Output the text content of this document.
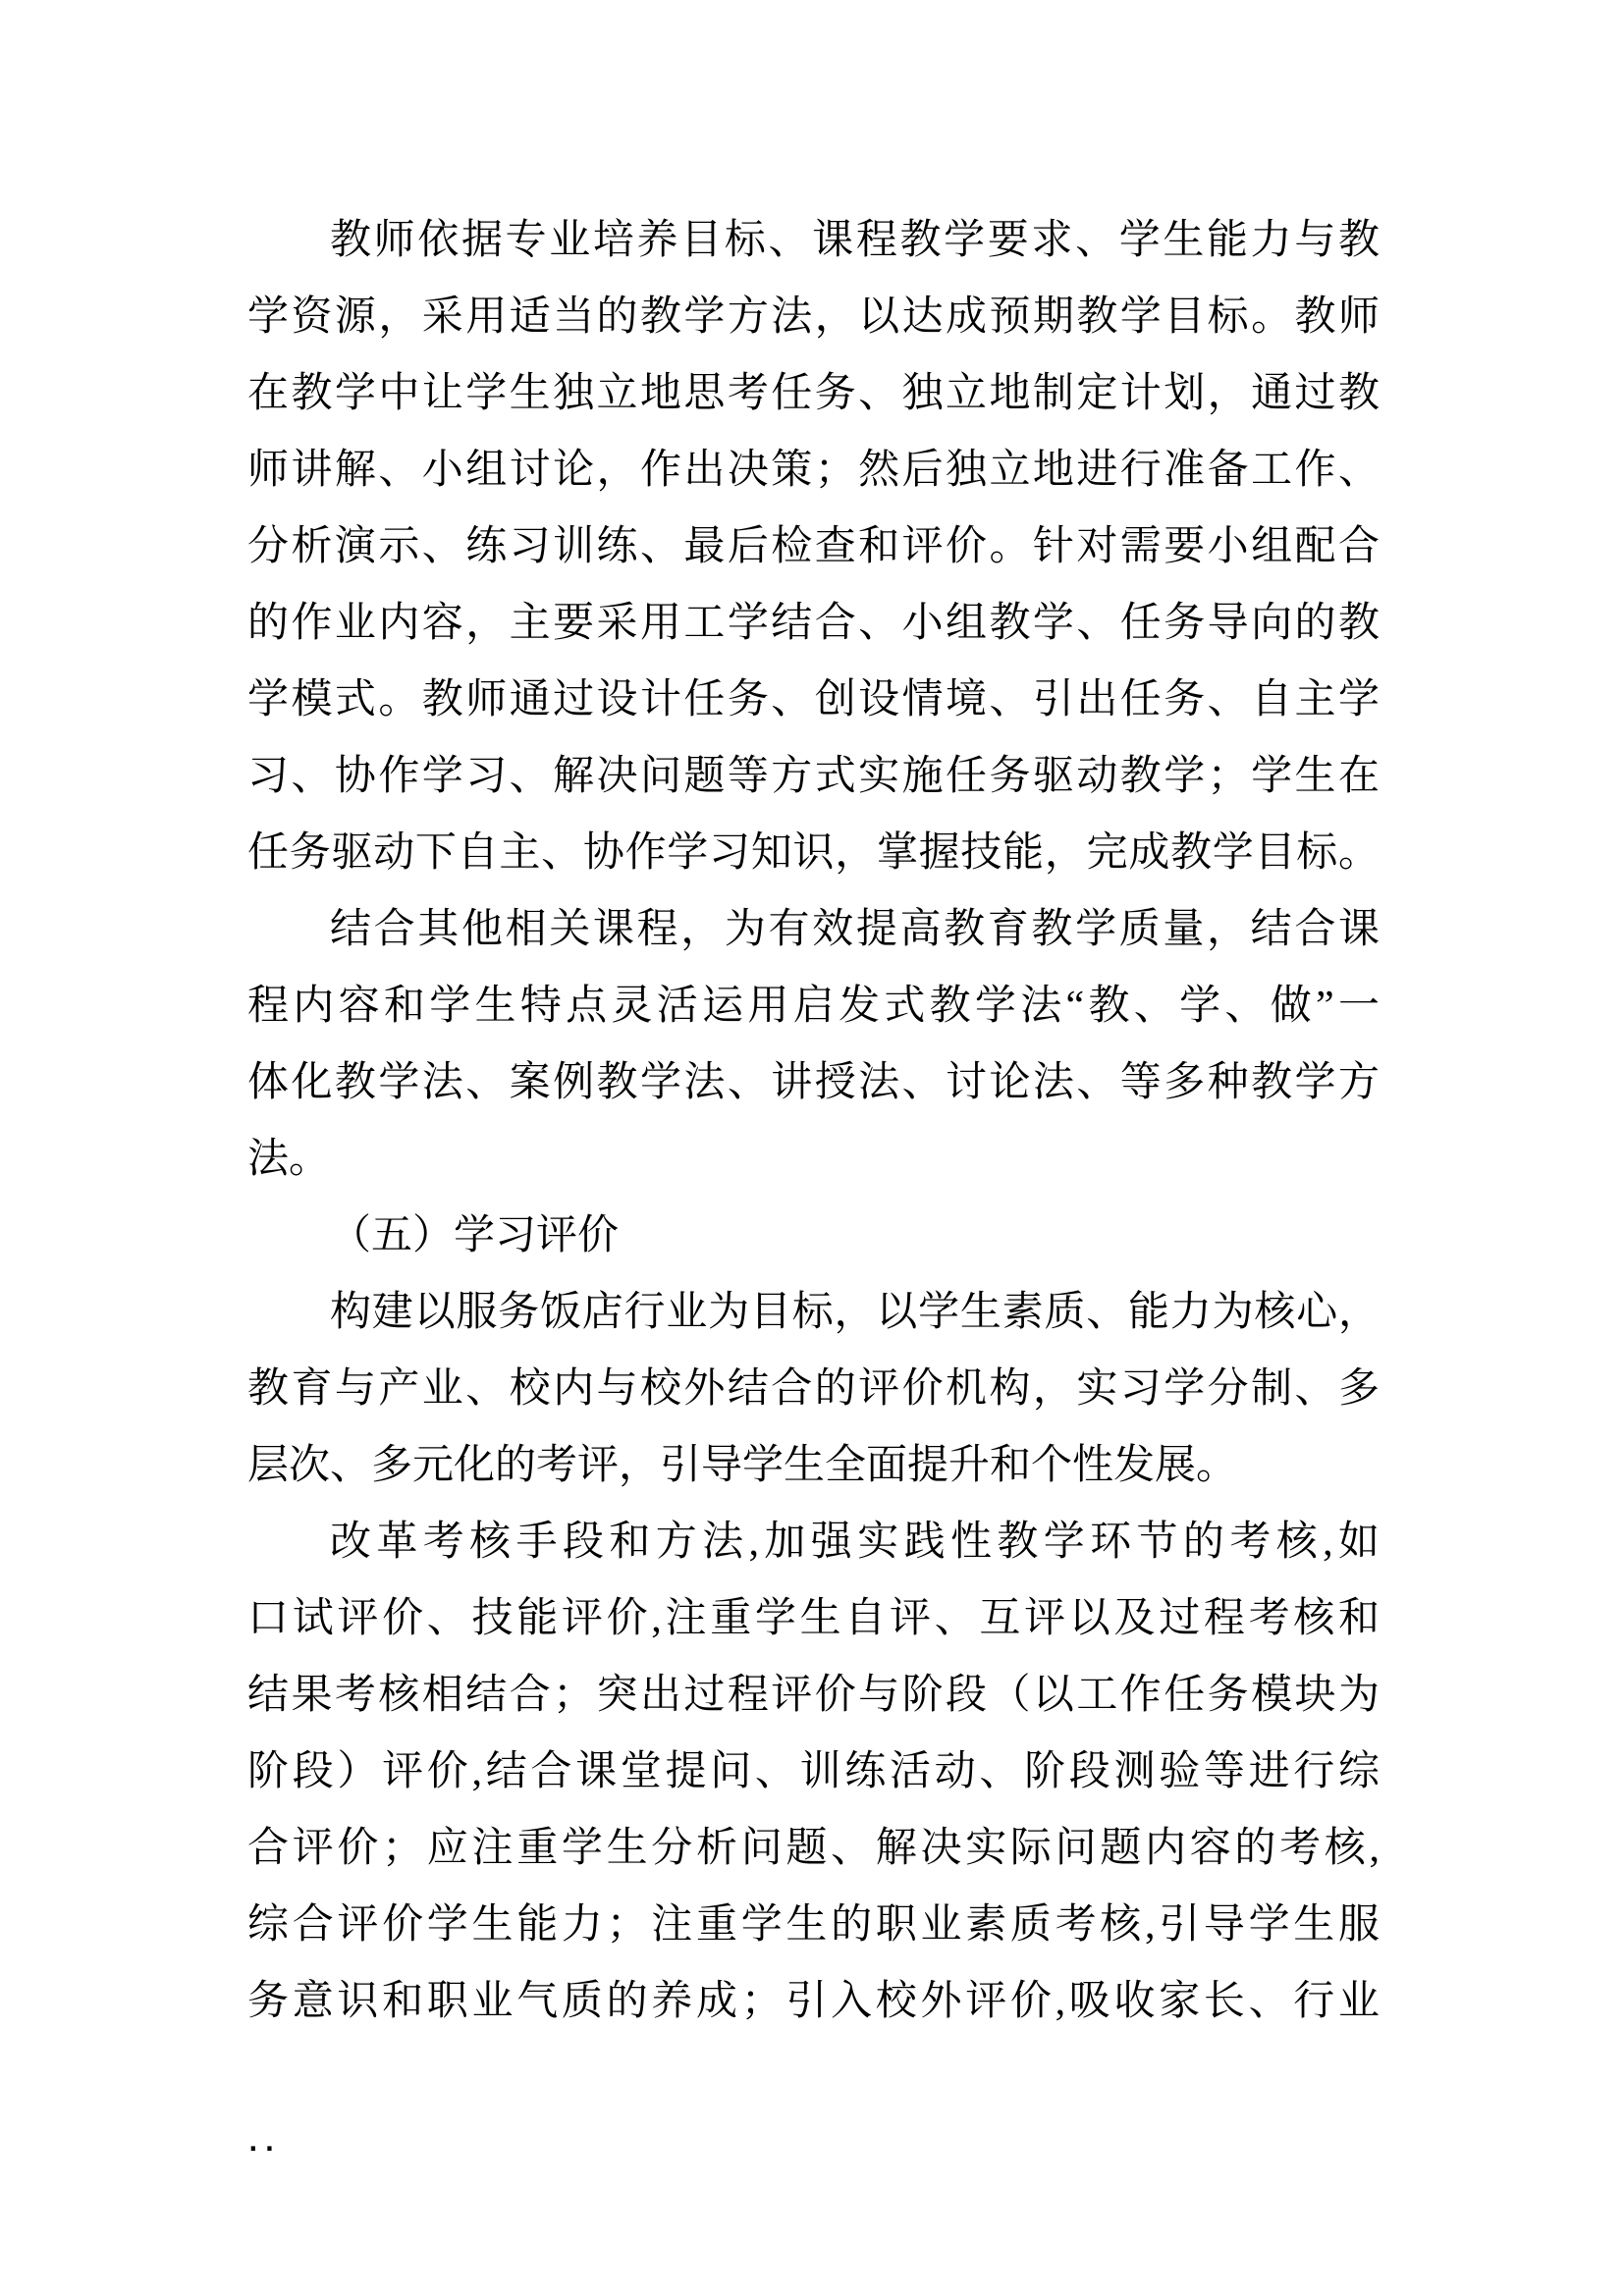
教师依据专业培养目标、课程教学要求、学生能力与教
学资源，采用适当的教学方法，以达成预期教学目标。教师
在教学中让学生独立地思考任务、独立地制定计划，通过教
师讲解、小组讨论，作出决策；然后独立地进行准备工作、
分析演示、练习训练、最后检查和评价。针对需要小组配合
的作业内容，主要采用工学结合、小组教学、任务导向的教
学模式。教师通过设计任务、创设情境、引出任务、自主学
习、协作学习、解决问题等方式实施任务驱动教学；学生在
任务驱动下自主、协作学习知识，掌握技能，完成教学目标。
结合其他相关课程，为有效提高教育教学质量，结合课
程内容和学生特点灵活运用启发式教学法“教、学、做”一
体化教学法、案例教学法、讲授法、讨论法、等多种教学方
法。
（五）学习评价
构建以服务饭店行业为目标，以学生素质、能力为核心，
教育与产业、校内与校外结合的评价机构，实习学分制、多
层次、多元化的考评，引导学生全面提升和个性发展。
改革考核手段和方法,加强实践性教学环节的考核,如
口试评价、技能评价,注重学生自评、互评以及过程考核和
结果考核相结合；突出过程评价与阶段（以工作任务模块为
阶段）评价,结合课堂提问、训练活动、阶段测验等进行综
合评价；应注重学生分析问题、解决实际问题内容的考核,
综合评价学生能力；注重学生的职业素质考核,引导学生服
务意识和职业气质的养成；引入校外评价,吸收家长、行业
..
